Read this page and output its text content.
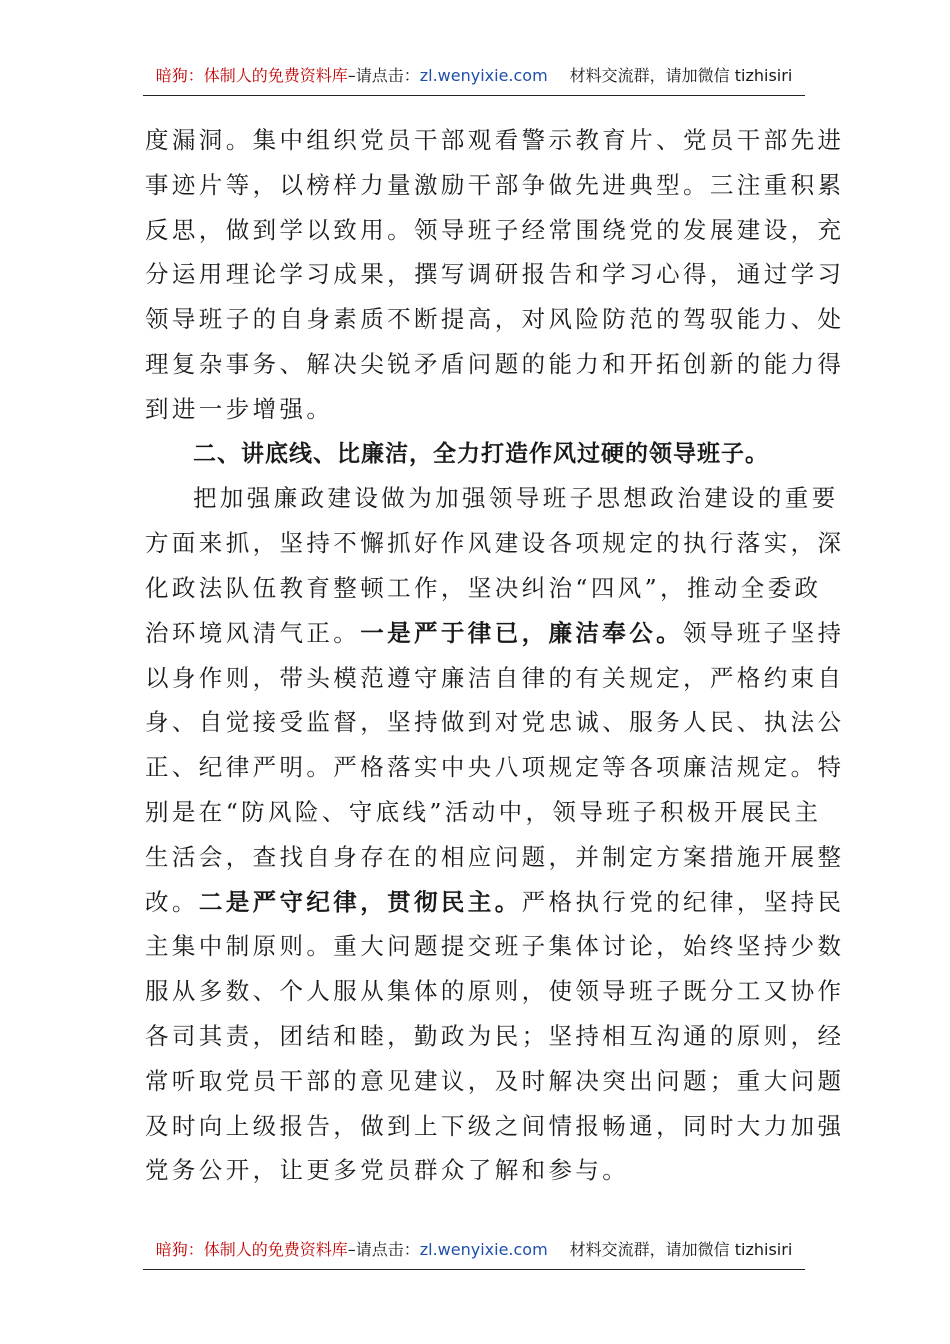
暗狗：体制人的免费资料库–请点击：zl.wenyixie.com 材料交流群，请加微信 tizhisiri
度漏洞。集中组织党员干部观看警示教育片、党员干部先进
事迹片等，以榜样力量激励干部争做先进典型。三注重积累
反思，做到学以致用。领导班子经常围绕党的发展建设，充
分运用理论学习成果，撰写调研报告和学习心得，通过学习
领导班子的自身素质不断提高，对风险防范的驾驭能力、处
理复杂事务、解决尖锐矛盾问题的能力和开拓创新的能力得
到进一步增强。
二、讲底线、比廉洁，全力打造作风过硬的领导班子。
把加强廉政建设做为加强领导班子思想政治建设的重要
方面来抓，坚持不懈抓好作风建设各项规定的执行落实，深
化政法队伍教育整顿工作，坚决纠治“四风”，推动全委政
治环境风清气正。一是严于律已，廉洁奉公。领导班子坚持
以身作则，带头模范遵守廉洁自律的有关规定，严格约束自
身、自觉接受监督，坚持做到对党忠诚、服务人民、执法公
正、纪律严明。严格落实中央八项规定等各项廉洁规定。特
别是在“防风险、守底线”活动中，领导班子积极开展民主
生活会，查找自身存在的相应问题，并制定方案措施开展整
改。二是严守纪律，贯彻民主。严格执行党的纪律，坚持民
主集中制原则。重大问题提交班子集体讨论，始终坚持少数
服从多数、个人服从集体的原则，使领导班子既分工又协作
各司其责，团结和睦，勤政为民；坚持相互沟通的原则，经
常听取党员干部的意见建议，及时解决突出问题；重大问题
及时向上级报告，做到上下级之间情报畅通，同时大力加强
党务公开，让更多党员群众了解和参与。
暗狗：体制人的免费资料库–请点击：zl.wenyixie.com 材料交流群，请加微信 tizhisiri
